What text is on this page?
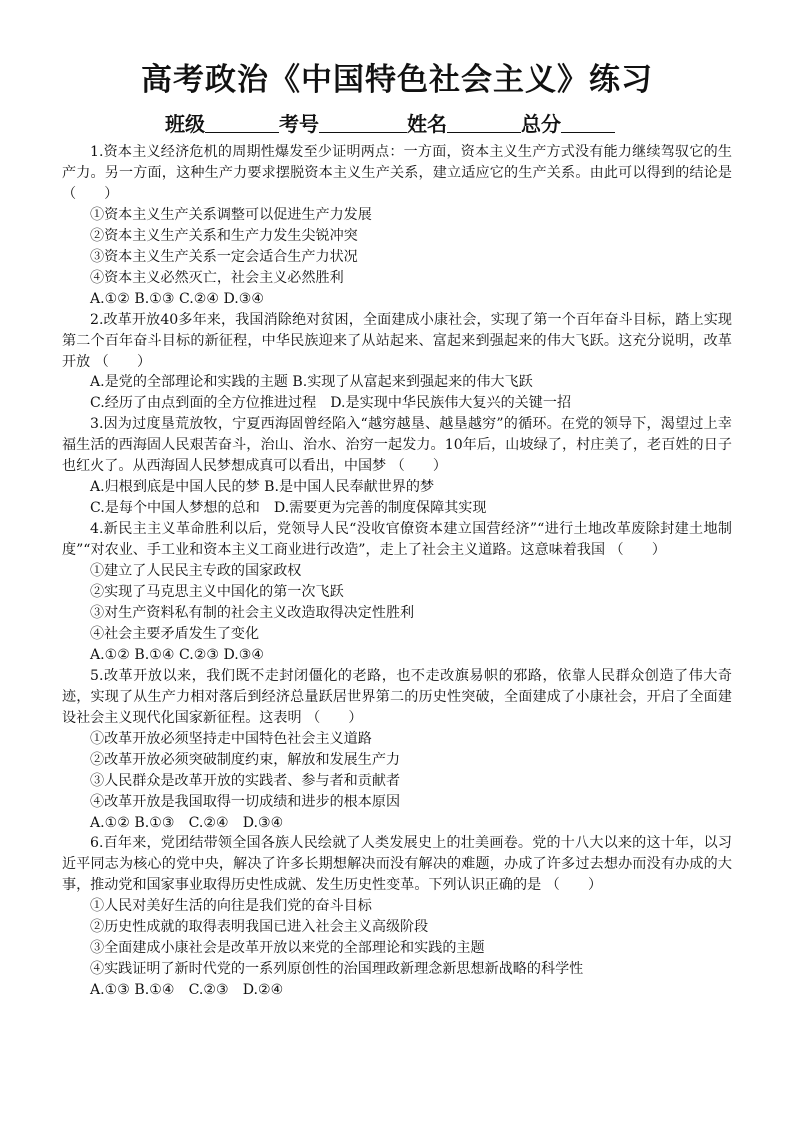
高考政治《中国特色社会主义》练习
班级	考号	姓名	总分

1.资本主义经济危机的周期性爆发至少证明两点：一方面，资本主义生产方式没有能力继续驾驭它的生产力。另一方面，这种生产力要求摆脱资本主义生产关系，建立适应它的生产关系。由此可以得到的结论是 （　　）

①资本主义生产关系调整可以促进生产力发展

②资本主义生产关系和生产力发生尖锐冲突

③资本主义生产关系一定会适合生产力状况

④资本主义必然灭亡，社会主义必然胜利

A.①② B.①③ C.②④ D.③④

2.改革开放40多年来，我国消除绝对贫困，全面建成小康社会，实现了第一个百年奋斗目标，踏上实现第二个百年奋斗目标的新征程，中华民族迎来了从站起来、富起来到强起来的伟大飞跃。这充分说明，改革开放 （　　）

A.是党的全部理论和实践的主题 B.实现了从富起来到强起来的伟大飞跃

C.经历了由点到面的全方位推进过程　D.是实现中华民族伟大复兴的关键一招

3.因为过度垦荒放牧，宁夏西海固曾经陷入“越穷越垦、越垦越穷”的循环。在党的领导下，渴望过上幸福生活的西海固人民艰苦奋斗，治山、治水、治穷一起发力。10年后，山坡绿了，村庄美了，老百姓的日子也红火了。从西海固人民梦想成真可以看出，中国梦 （　　）

A.归根到底是中国人民的梦 B.是中国人民奉献世界的梦

C.是每个中国人梦想的总和　D.需要更为完善的制度保障其实现

4.新民主主义革命胜利以后，党领导人民“没收官僚资本建立国营经济”“进行土地改革废除封建土地制度”“对农业、手工业和资本主义工商业进行改造”，走上了社会主义道路。这意味着我国 （　　）

①建立了人民民主专政的国家政权

②实现了马克思主义中国化的第一次飞跃

③对生产资料私有制的社会主义改造取得决定性胜利

④社会主要矛盾发生了变化

A.①② B.①④ C.②③ D.③④

5.改革开放以来，我们既不走封闭僵化的老路，也不走改旗易帜的邪路，依靠人民群众创造了伟大奇迹，实现了从生产力相对落后到经济总量跃居世界第二的历史性突破，全面建成了小康社会，开启了全面建设社会主义现代化国家新征程。这表明 （　　）

①改革开放必须坚持走中国特色社会主义道路

②改革开放必须突破制度约束，解放和发展生产力

③人民群众是改革开放的实践者、参与者和贡献者

④改革开放是我国取得一切成绩和进步的根本原因

A.①② B.①③　C.②④　D.③④

6.百年来，党团结带领全国各族人民绘就了人类发展史上的壮美画卷。党的十八大以来的这十年，以习近平同志为核心的党中央，解决了许多长期想解决而没有解决的难题，办成了许多过去想办而没有办成的大事，推动党和国家事业取得历史性成就、发生历史性变革。下列认识正确的是 （　　）

①人民对美好生活的向往是我们党的奋斗目标

②历史性成就的取得表明我国已进入社会主义高级阶段

③全面建成小康社会是改革开放以来党的全部理论和实践的主题

④实践证明了新时代党的一系列原创性的治国理政新理念新思想新战略的科学性

A.①③ B.①④　C.②③　D.②④
